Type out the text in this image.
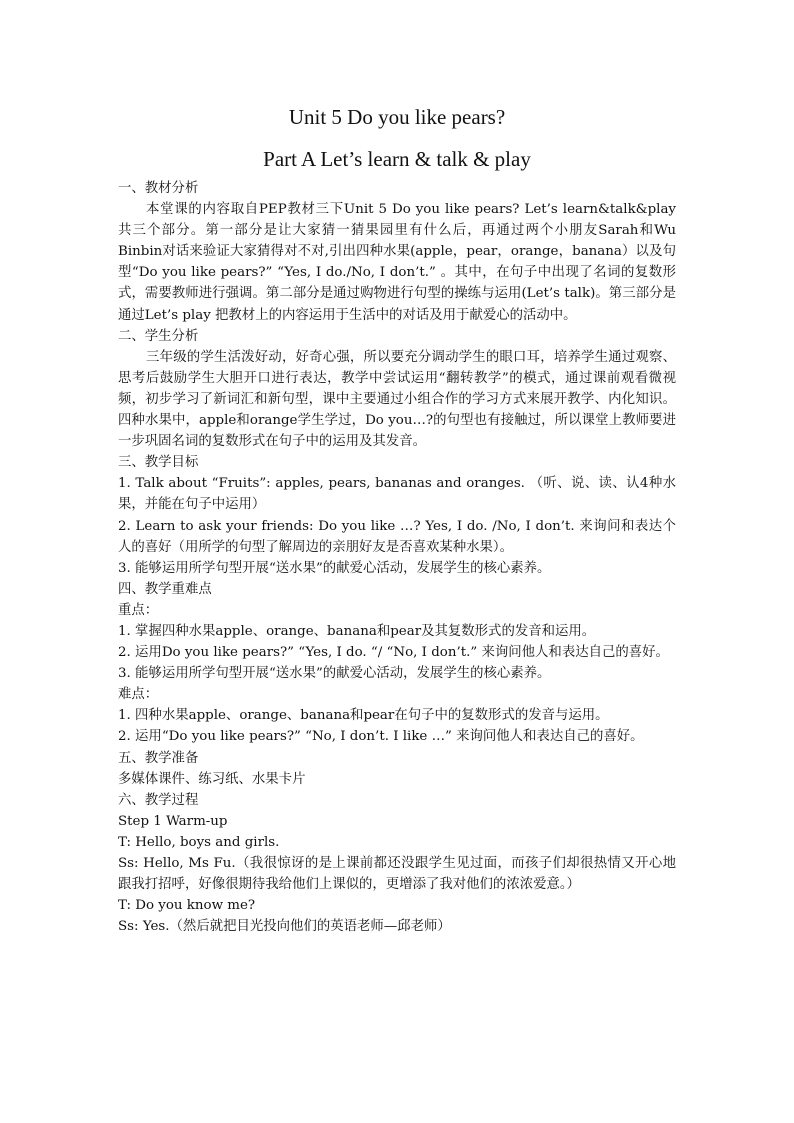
Unit 5 Do you like pears?
Part A Let’s learn & talk & play

一、教材分析

本堂课的内容取自PEP教材三下Unit 5 Do you like pears? Let’s learn&talk&play 共三个部分。第一部分是让大家猜一猜果园里有什么后，再通过两个小朋友Sarah和Wu Binbin对话来验证大家猜得对不对,引出四种水果(apple，pear，orange，banana）以及句型“Do you like pears?” “Yes, I do./No, I don’t.” 。其中，在句子中出现了名词的复数形式，需要教师进行强调。第二部分是通过购物进行句型的操练与运用(Let’s talk)。第三部分是通过Let’s play 把教材上的内容运用于生活中的对话及用于献爱心的活动中。

二、学生分析

三年级的学生活泼好动，好奇心强，所以要充分调动学生的眼口耳，培养学生通过观察、思考后鼓励学生大胆开口进行表达，教学中尝试运用“翻转教学”的模式，通过课前观看微视频，初步学习了新词汇和新句型，课中主要通过小组合作的学习方式来展开教学、内化知识。四种水果中，apple和orange学生学过，Do you…?的句型也有接触过，所以课堂上教师要进一步巩固名词的复数形式在句子中的运用及其发音。

三、教学目标

1. Talk about “Fruits”: apples, pears, bananas and oranges. （听、说、读、认4种水果，并能在句子中运用）

2. Learn to ask your friends: Do you like …? Yes, I do. /No, I don’t. 来询问和表达个人的喜好（用所学的句型了解周边的亲朋好友是否喜欢某种水果）。

3. 能够运用所学句型开展“送水果”的献爱心活动，发展学生的核心素养。

四、教学重难点

重点：

1. 掌握四种水果apple、orange、banana和pear及其复数形式的发音和运用。

2. 运用Do you like pears?” “Yes, I do. “/ “No, I don’t.” 来询问他人和表达自己的喜好。

3. 能够运用所学句型开展“送水果”的献爱心活动，发展学生的核心素养。

难点：

1. 四种水果apple、orange、banana和pear在句子中的复数形式的发音与运用。

2. 运用“Do you like pears?” “No, I don’t. I like …” 来询问他人和表达自己的喜好。

五、教学准备

多媒体课件、练习纸、水果卡片

六、教学过程

Step 1 Warm-up

T: Hello, boys and girls.

Ss: Hello, Ms Fu.（我很惊讶的是上课前都还没跟学生见过面，而孩子们却很热情又开心地跟我打招呼，好像很期待我给他们上课似的，更增添了我对他们的浓浓爱意。）

T: Do you know me?

Ss: Yes.（然后就把目光投向他们的英语老师—邱老师）
